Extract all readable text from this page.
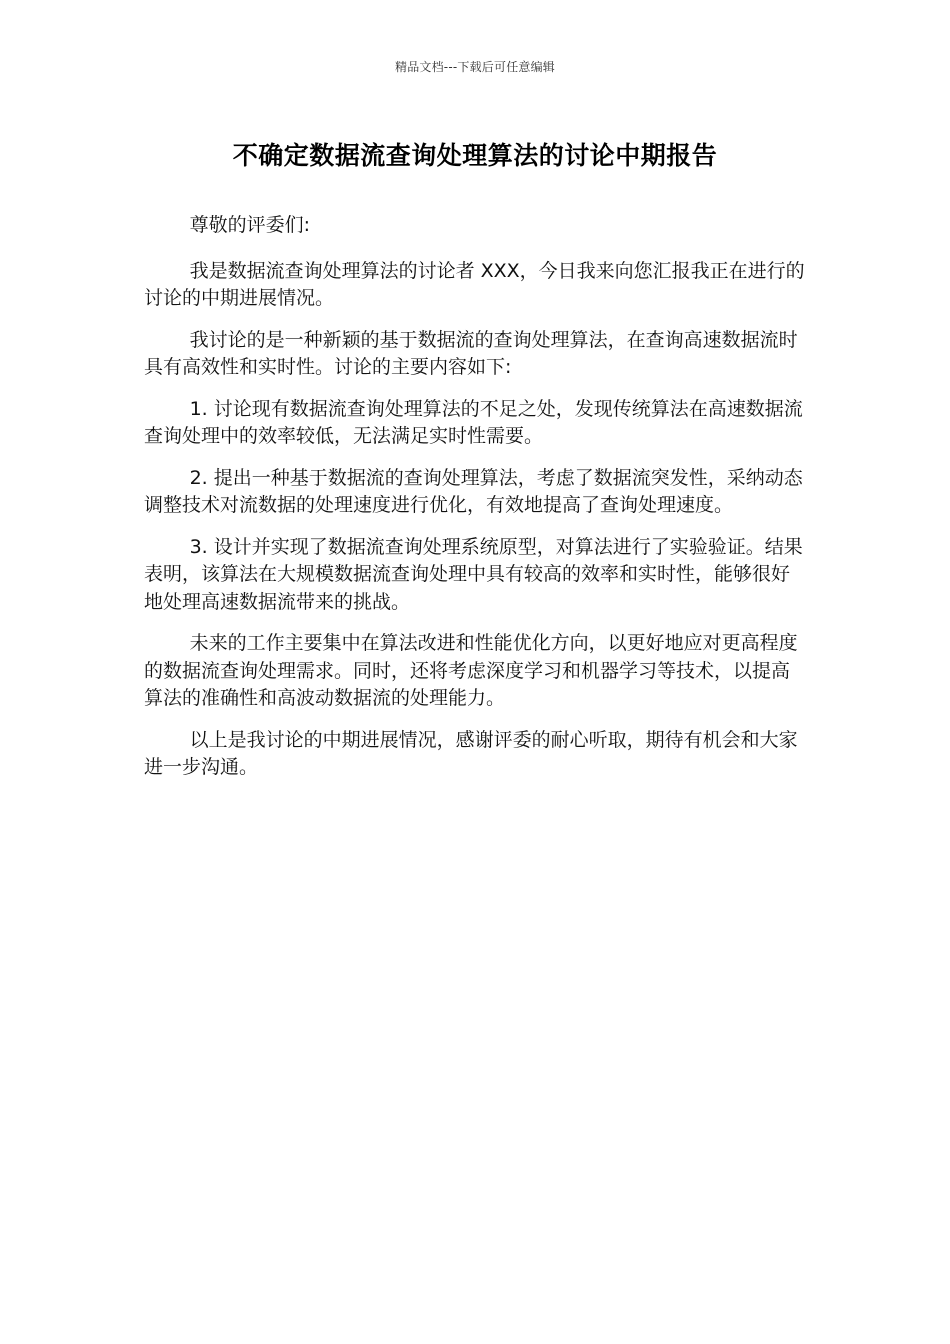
精品文档---下载后可任意编辑
不确定数据流查询处理算法的讨论中期报告

尊敬的评委们:

我是数据流查询处理算法的讨论者 XXX，今日我来向您汇报我正在进行的讨论的中期进展情况。

我讨论的是一种新颖的基于数据流的查询处理算法，在查询高速数据流时具有高效性和实时性。讨论的主要内容如下:

1. 讨论现有数据流查询处理算法的不足之处，发现传统算法在高速数据流查询处理中的效率较低，无法满足实时性需要。

2. 提出一种基于数据流的查询处理算法，考虑了数据流突发性，采纳动态调整技术对流数据的处理速度进行优化，有效地提高了查询处理速度。

3. 设计并实现了数据流查询处理系统原型，对算法进行了实验验证。结果表明，该算法在大规模数据流查询处理中具有较高的效率和实时性，能够很好地处理高速数据流带来的挑战。

未来的工作主要集中在算法改进和性能优化方向，以更好地应对更高程度的数据流查询处理需求。同时，还将考虑深度学习和机器学习等技术，以提高算法的准确性和高波动数据流的处理能力。

以上是我讨论的中期进展情况，感谢评委的耐心听取，期待有机会和大家进一步沟通。
